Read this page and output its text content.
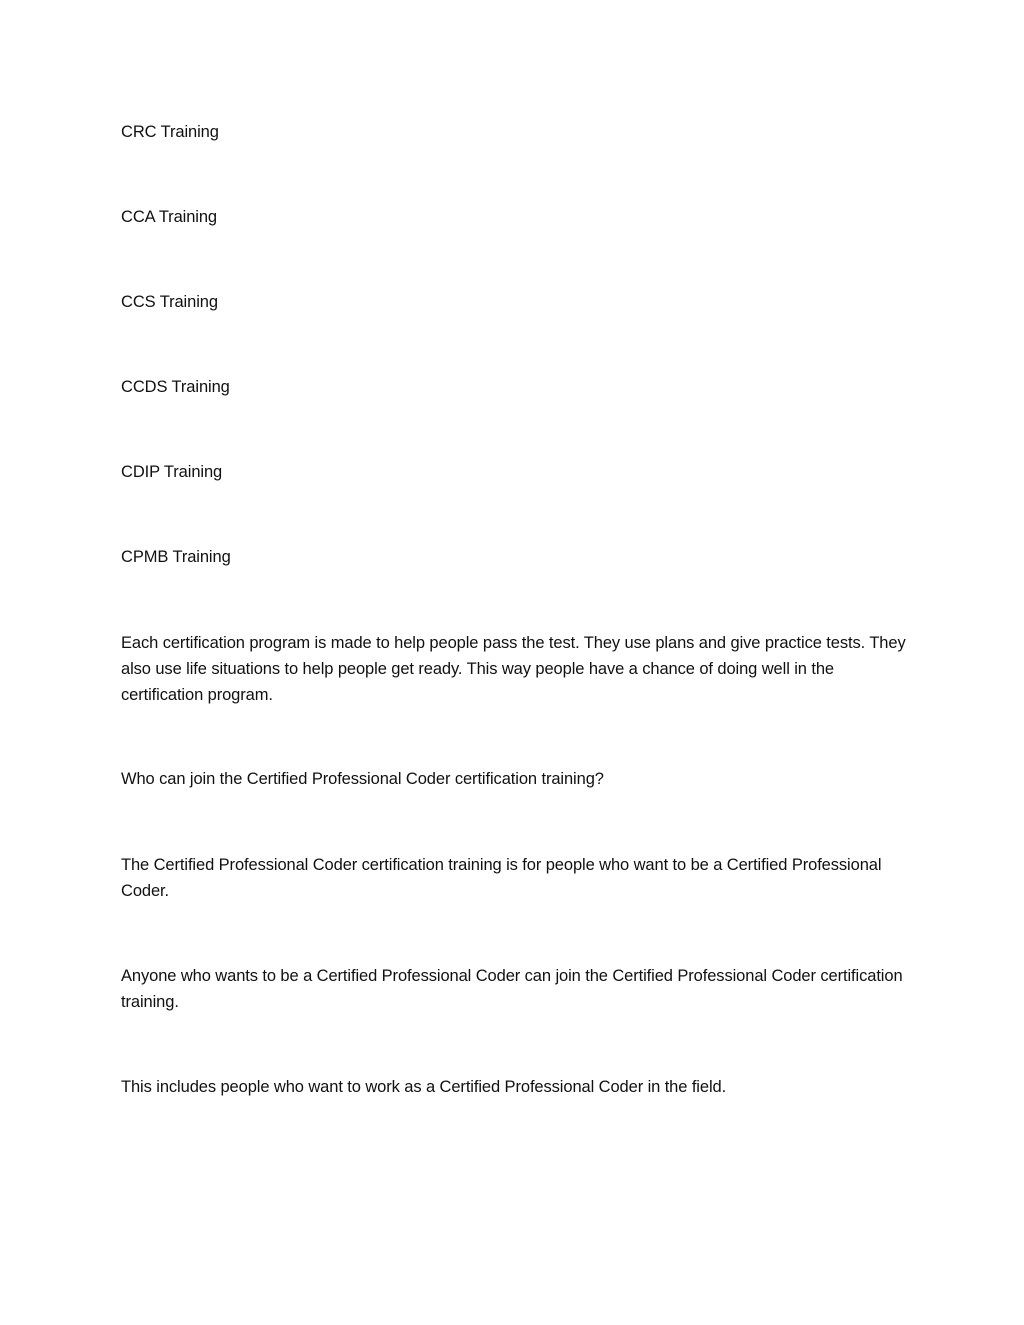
CRC Training

CCA Training

CCS Training

CCDS Training

CDIP Training

CPMB Training

Each certification program is made to help people pass the test. They use plans and give practice tests. They also use life situations to help people get ready. This way people have a chance of doing well in the certification program.

Who can join the Certified Professional Coder certification training?

The Certified Professional Coder certification training is for people who want to be a Certified Professional Coder.

Anyone who wants to be a Certified Professional Coder can join the Certified Professional Coder certification training.

This includes people who want to work as a Certified Professional Coder in the field.
